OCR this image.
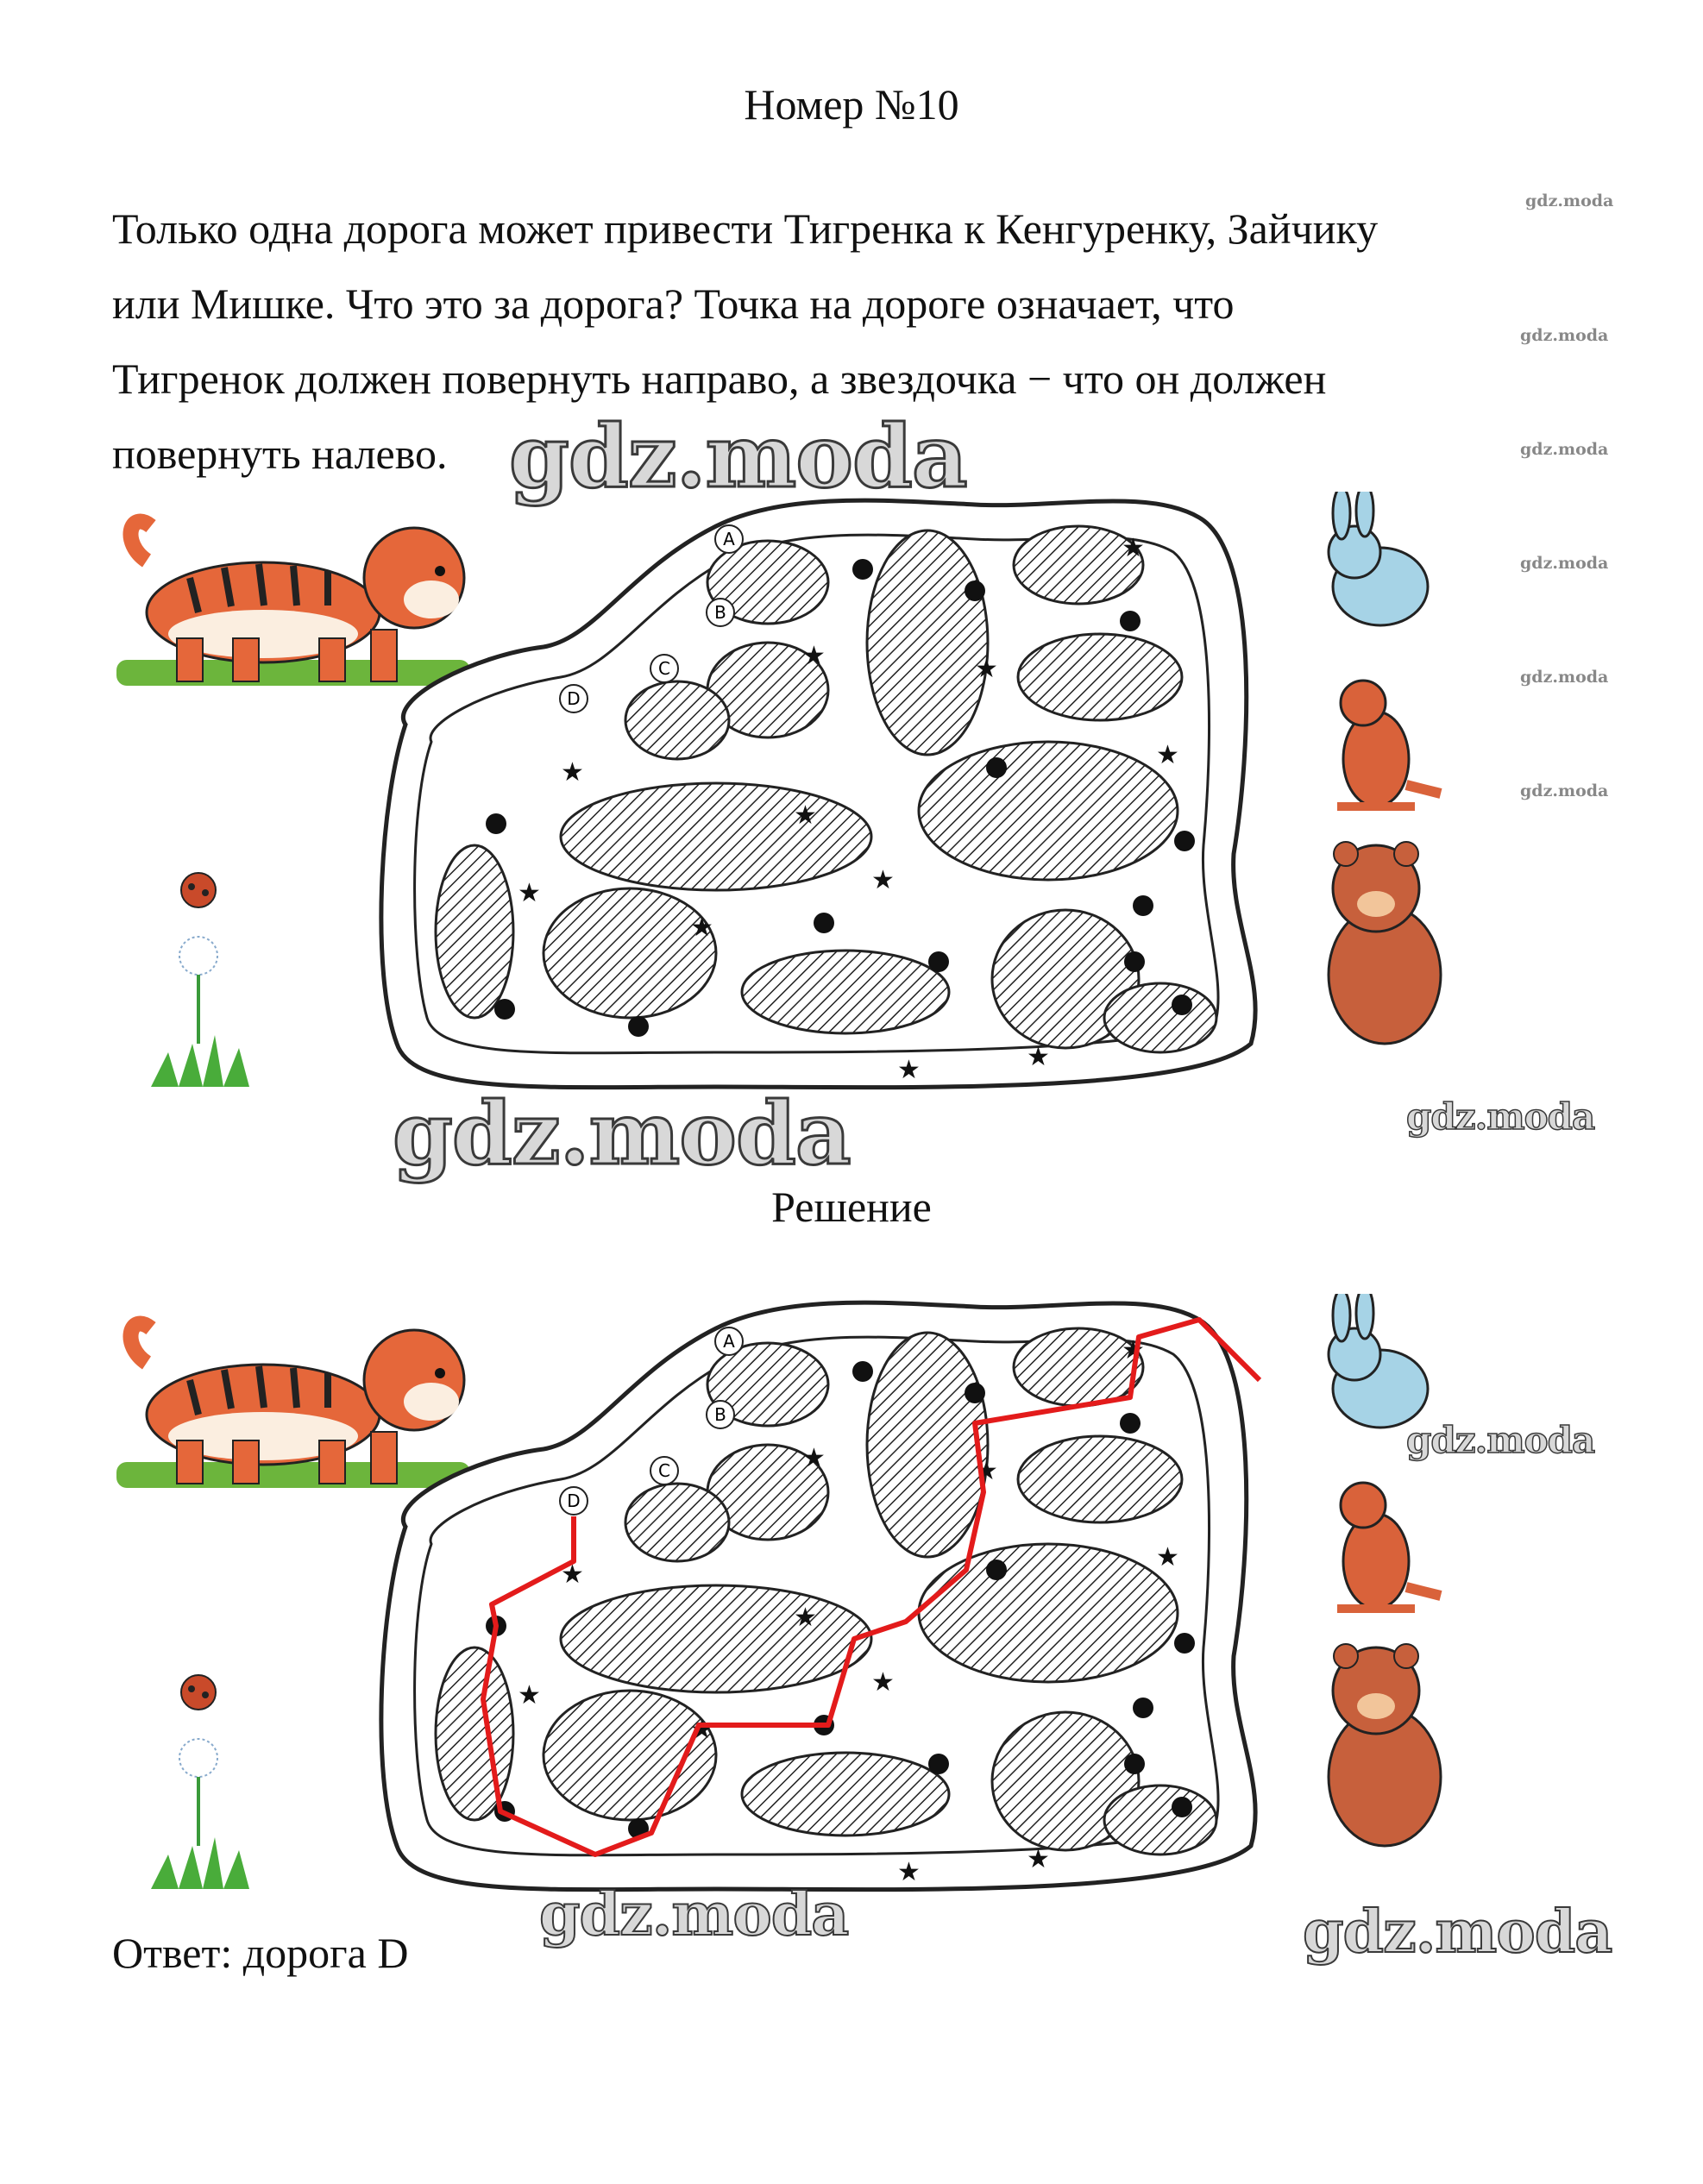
Номер №10
Только одна дорога может привести Тигренка к Кенгуренку, Зайчику
или Мишке. Что это за дорога? Точка на дороге означает, что
Тигренок должен повернуть направо, а звездочка − что он должен
повернуть налево.
gdz.moda
gdz.moda
gdz.moda
gdz.moda
gdz.moda
gdz.moda
★
★	★
★
★
★
★
★
★
★	★
A
B
C
D
gdz.moda
gdz.moda	gdz.moda
Решение
★
★	★
★
★
★
★
★
★
★	★
A
B
C
D
gdz.moda
gdz.moda	gdz.moda
Ответ: дорога D
